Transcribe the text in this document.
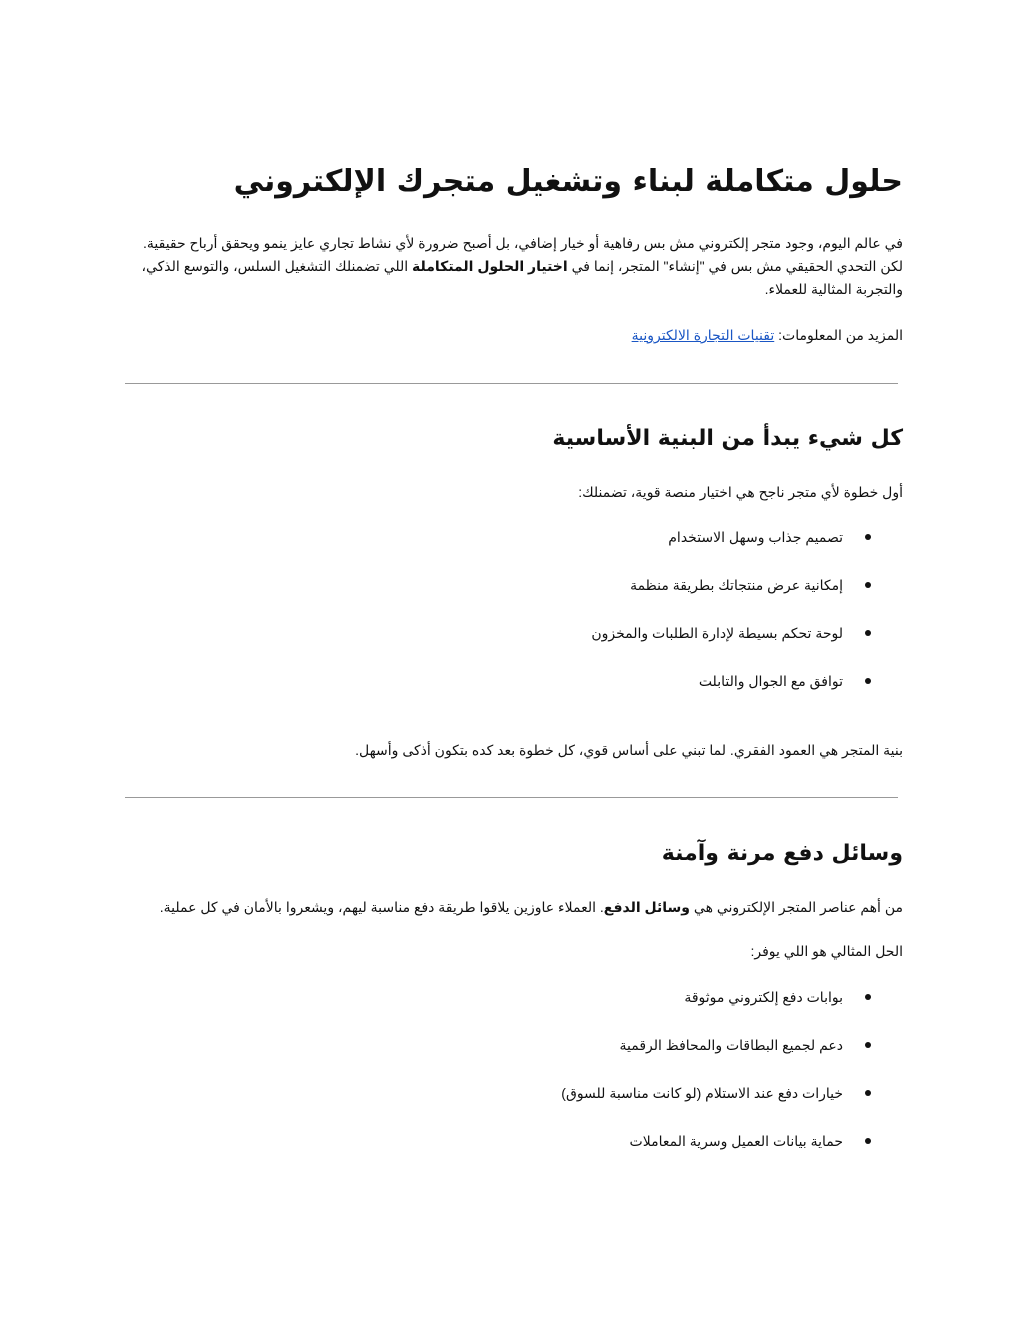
حلول متكاملة لبناء وتشغيل متجرك الإلكتروني

في عالم اليوم، وجود متجر إلكتروني مش بس رفاهية أو خيار إضافي، بل أصبح ضرورة لأي نشاط تجاري عايز ينمو ويحقق أرباح حقيقية. لكن التحدي الحقيقي مش بس في "إنشاء" المتجر، إنما في اختيار الحلول المتكاملة اللي تضمنلك التشغيل السلس، والتوسع الذكي، والتجربة المثالية للعملاء.

المزيد من المعلومات: تقنيات التجارة الالكترونية

كل شيء يبدأ من البنية الأساسية

أول خطوة لأي متجر ناجح هي اختيار منصة قوية، تضمنلك:

تصميم جذاب وسهل الاستخدام
إمكانية عرض منتجاتك بطريقة منظمة
لوحة تحكم بسيطة لإدارة الطلبات والمخزون
توافق مع الجوال والتابلت

بنية المتجر هي العمود الفقري. لما تبني على أساس قوي، كل خطوة بعد كده بتكون أذكى وأسهل.

وسائل دفع مرنة وآمنة

من أهم عناصر المتجر الإلكتروني هي وسائل الدفع. العملاء عاوزين يلاقوا طريقة دفع مناسبة ليهم، ويشعروا بالأمان في كل عملية.

الحل المثالي هو اللي يوفر:

بوابات دفع إلكتروني موثوقة
دعم لجميع البطاقات والمحافظ الرقمية
خيارات دفع عند الاستلام (لو كانت مناسبة للسوق)
حماية بيانات العميل وسرية المعاملات
